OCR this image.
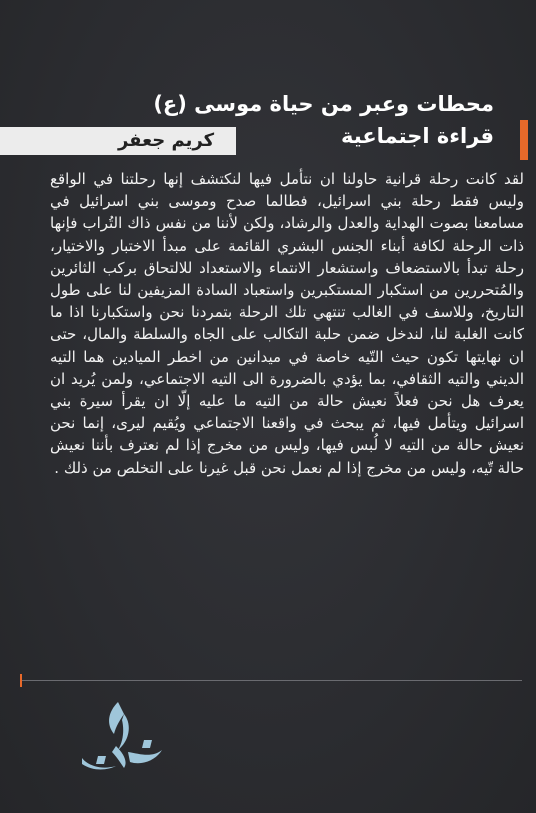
محطات وعبر من حياة موسى (ع)
قراءة اجتماعية
كريم جعفر

لقد كانت رحلة قرانية حاولنا ان نتأمل فيها لنكتشف إنها رحلتنا في الواقع وليس فقط رحلة بني اسرائيل، فطالما صدح وموسى بني اسرائيل في مسامعنا بصوت الهداية والعدل والرشاد، ولكن لأننا من نفس ذاك التُراب فإنها ذات الرحلة لكافة أبناء الجنس البشري القائمة على مبدأ الاختبار والاختيار، رحلة تبدأ بالاستضعاف واستشعار الانتماء والاستعداد للالتحاق بركب الثائرين والمُتحررين من استكبار المستكبرين واستعباد السادة المزيفين لنا على طول التاريخ، وللاسف في الغالب تنتهي تلك الرحلة بتمردنا نحن واستكبارنا اذا ما كانت الغلبة لنا، لندخل ضمن حلبة التكالب على الجاه والسلطة والمال، حتى ان نهايتها تكون حيث التّيه خاصة في ميدانين من اخطر الميادين هما التيه الديني والتيه الثقافي، بما يؤدي بالضرورة الى التيه الاجتماعي، ولمن يُريد ان يعرف هل نحن فعلاً نعيش حالة من التيه ما عليه إلّا ان يقرأ سيرة بني اسرائيل ويتأمل فيها، ثم يبحث في واقعنا الاجتماعي ويُقيم ليرى، إنما نحن نعيش حالة من التيه لا لُبس فيها، وليس من مخرج إذا لم نعترف بأننا نعيش حالة تّيه، وليس من مخرج إذا لم نعمل نحن قبل غيرنا على التخلص من ذلك .
